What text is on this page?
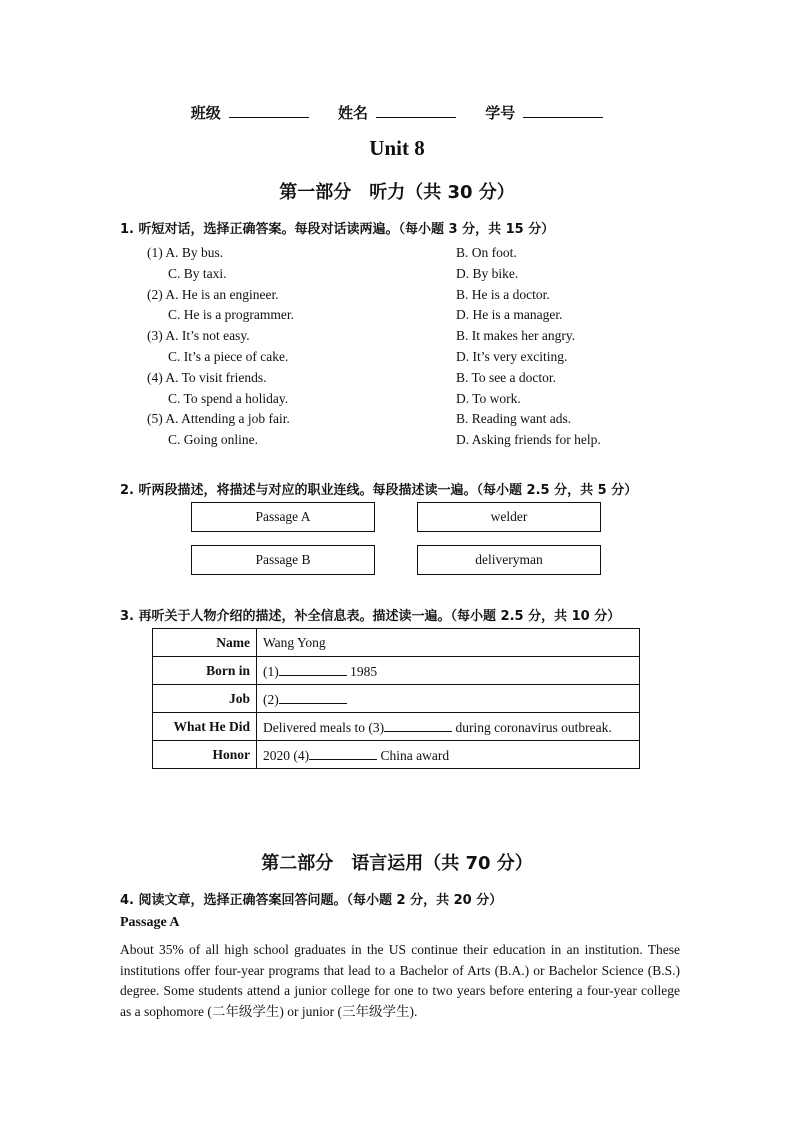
班级	姓名	学号
Unit 8
第一部分　听力（共 30 分）
1. 听短对话，选择正确答案。每段对话读两遍。（每小题 3 分，共 15 分）
(1) A. By bus.	B. On foot.
C. By taxi.	D. By bike.
(2) A. He is an engineer.	B. He is a doctor.
C. He is a programmer.	D. He is a manager.
(3) A. It’s not easy.	B. It makes her angry.
C. It’s a piece of cake.	D. It’s very exciting.
(4) A. To visit friends.	B. To see a doctor.
C. To spend a holiday.	D. To work.
(5) A. Attending a job fair.	B. Reading want ads.
C. Going online.	D. Asking friends for help.
2. 听两段描述，将描述与对应的职业连线。每段描述读一遍。（每小题 2.5 分，共 5 分）
Passage A	welder
Passage B	deliveryman
3. 再听关于人物介绍的描述，补全信息表。描述读一遍。（每小题 2.5 分，共 10 分）
Name	Wang Yong
Born in	(1) 1985
Job	(2)
What He Did	Delivered meals to (3) during coronavirus outbreak.
Honor	2020 (4) China award
第二部分　语言运用（共 70 分）
4. 阅读文章，选择正确答案回答问题。（每小题 2 分，共 20 分）
Passage A
About 35% of all high school graduates in the US continue their education in an institution. These institutions offer four-year programs that lead to a Bachelor of Arts (B.A.) or Bachelor Science (B.S.) degree. Some students attend a junior college for one to two years before entering a four-year college as a sophomore (二年级学生) or junior (三年级学生).
